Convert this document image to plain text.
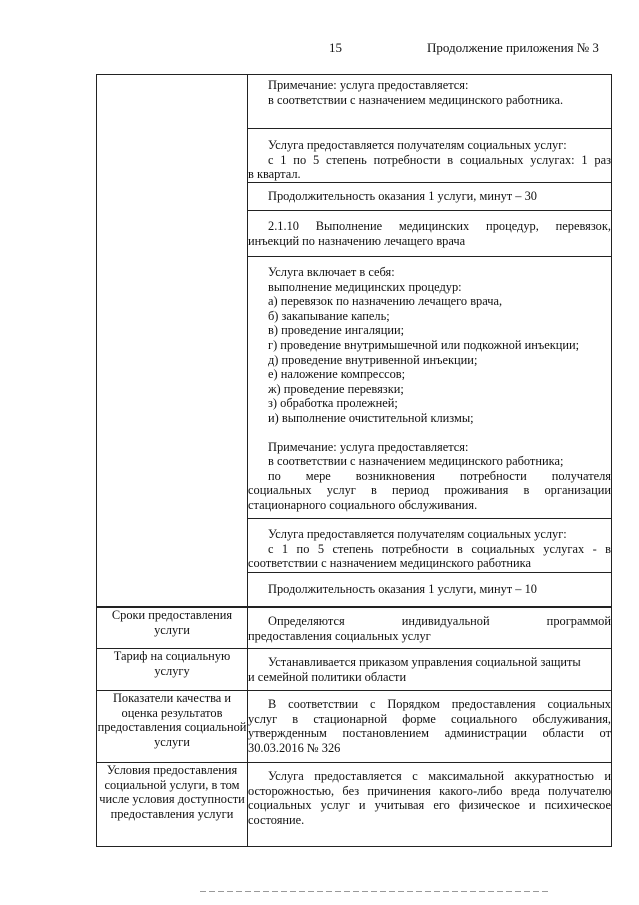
15	Продолжение приложения № 3

Примечание: услуга предоставляется:
в соответствии с назначением медицинского работника.

Услуга предоставляется получателям социальных услуг:
с 1 по 5 степень потребности в социальных услугах: 1 раз
в квартал.

Продолжительность оказания 1 услуги, минут – 30

2.1.10 Выполнение медицинских процедур, перевязок,
инъекций по назначению лечащего врача

Услуга включает в себя:
выполнение медицинских процедур:
а) перевязок по назначению лечащего врача,
б) закапывание капель;
в) проведение ингаляции;
г) проведение внутримышечной или подкожной инъекции;
д) проведение внутривенной инъекции;
е) наложение компрессов;
ж) проведение перевязки;
з) обработка пролежней;
и) выполнение очистительной клизмы;
Примечание: услуга предоставляется:
в соответствии с назначением медицинского работника;
по мере возникновения потребности получателя
социальных услуг в период проживания в организации
стационарного социального обслуживания.

Услуга предоставляется получателям социальных услуг:
с 1 по 5 степень потребности в социальных услугах - в
соответствии с назначением медицинского работника

Продолжительность оказания 1 услуги, минут – 10
Сроки предоставления услуги	Определяются индивидуальной программой
предоставления социальных услуг

Тариф на социальную услугу	Устанавливается приказом управления социальной защиты
и семейной политики области

Показатели качества и оценка результатов предоставления социальной услуги	В соответствии с Порядком предоставления социальных
услуг в стационарной форме социального обслуживания,
утвержденным постановлением администрации области от
30.03.2016 № 326

Условия предоставления социальной услуги, в том числе условия доступности предоставления услуги	Услуга предоставляется с максимальной аккуратностью и
осторожностью, без причинения какого-либо вреда получателю
социальных услуг и учитывая его физическое и психическое
состояние.
